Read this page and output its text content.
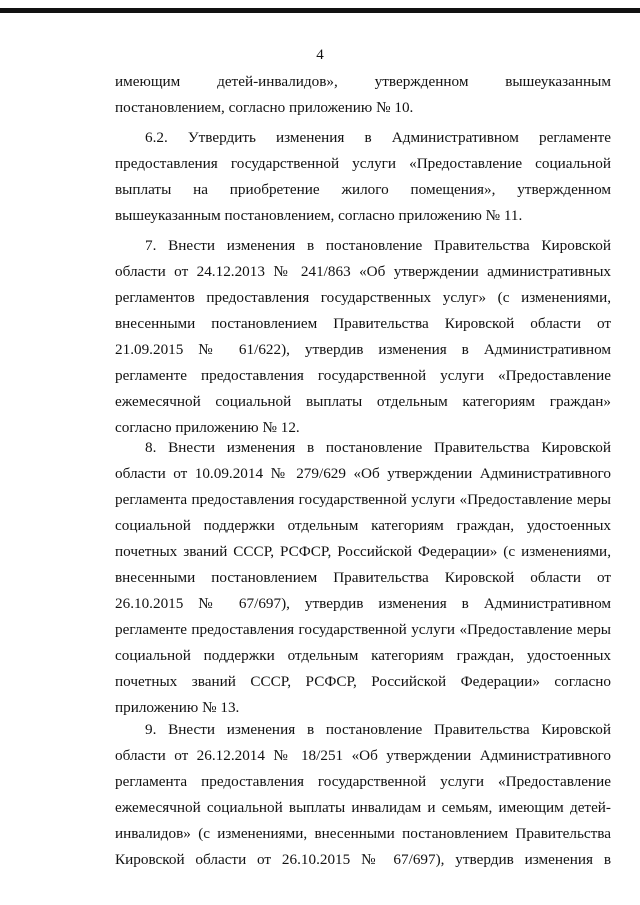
4
имеющим детей-инвалидов», утвержденном вышеуказанным
постановлением, согласно приложению № 10.
6.2. Утвердить изменения в Административном регламенте
предоставления государственной услуги «Предоставление социальной
выплаты на приобретение жилого помещения», утвержденном
вышеуказанным постановлением, согласно приложению № 11.
7. Внести изменения в постановление Правительства Кировской
области от 24.12.2013 № 241/863 «Об утверждении административных
регламентов предоставления государственных услуг» (с изменениями,
внесенными постановлением Правительства Кировской области от
21.09.2015 № 61/622), утвердив изменения в Административном
регламенте предоставления государственной услуги «Предоставление
ежемесячной социальной выплаты отдельным категориям граждан»
согласно приложению № 12.
8. Внести изменения в постановление Правительства Кировской
области от 10.09.2014 № 279/629 «Об утверждении Административного
регламента предоставления государственной услуги «Предоставление меры
социальной поддержки отдельным категориям граждан, удостоенных
почетных званий СССР, РСФСР, Российской Федерации» (с изменениями,
внесенными постановлением Правительства Кировской области от
26.10.2015 № 67/697), утвердив изменения в Административном
регламенте предоставления государственной услуги «Предоставление меры
социальной поддержки отдельным категориям граждан, удостоенных
почетных званий СССР, РСФСР, Российской Федерации» согласно
приложению № 13.
9. Внести изменения в постановление Правительства Кировской
области от 26.12.2014 № 18/251 «Об утверждении Административного
регламента предоставления государственной услуги «Предоставление
ежемесячной социальной выплаты инвалидам и семьям, имеющим детей-
инвалидов» (с изменениями, внесенными постановлением Правительства
Кировской области от 26.10.2015 № 67/697), утвердив изменения в
